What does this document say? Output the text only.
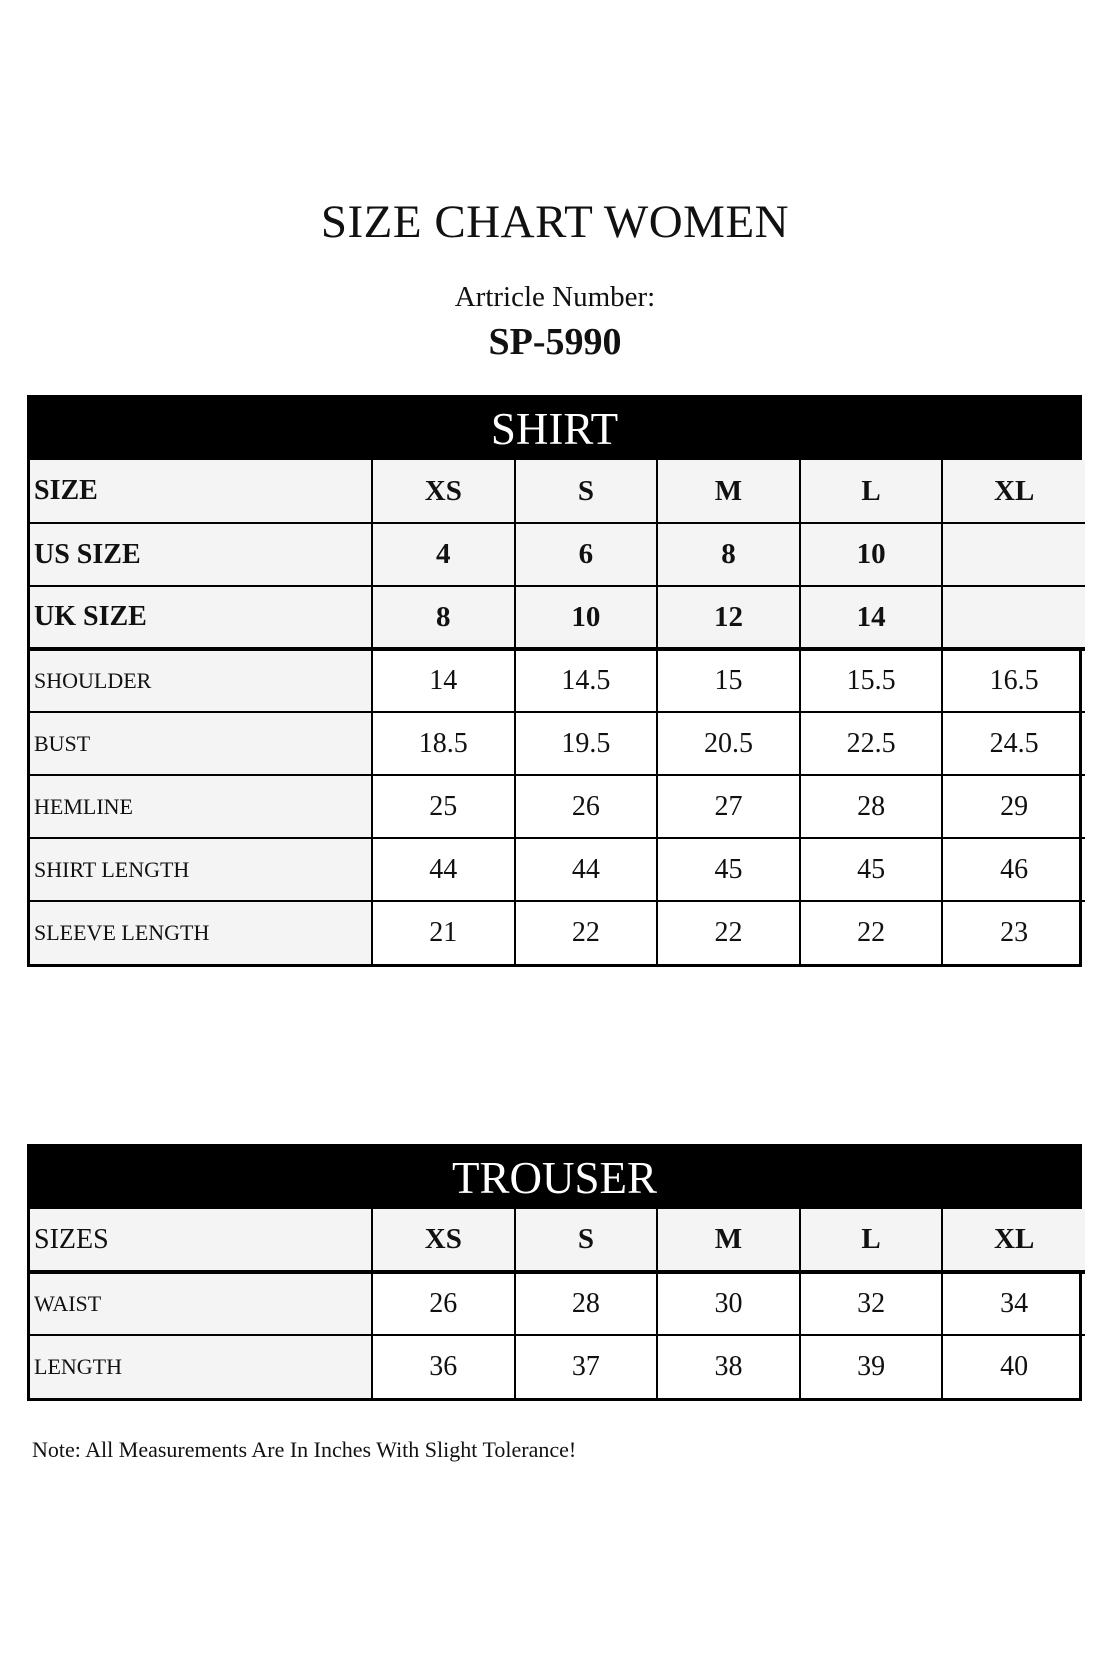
SIZE CHART WOMEN
Artricle Number:
SP-5990
SHIRT
SIZE	XS	S	M	L	XL
US SIZE	4	6	8	10	
UK SIZE	8	10	12	14	
SHOULDER	14	14.5	15	15.5	16.5
BUST	18.5	19.5	20.5	22.5	24.5
HEMLINE	25	26	27	28	29
SHIRT LENGTH	44	44	45	45	46
SLEEVE LENGTH	21	22	22	22	23
TROUSER
SIZES	XS	S	M	L	XL
WAIST	26	28	30	32	34
LENGTH	36	37	38	39	40
Note: All Measurements Are In Inches With Slight Tolerance!
